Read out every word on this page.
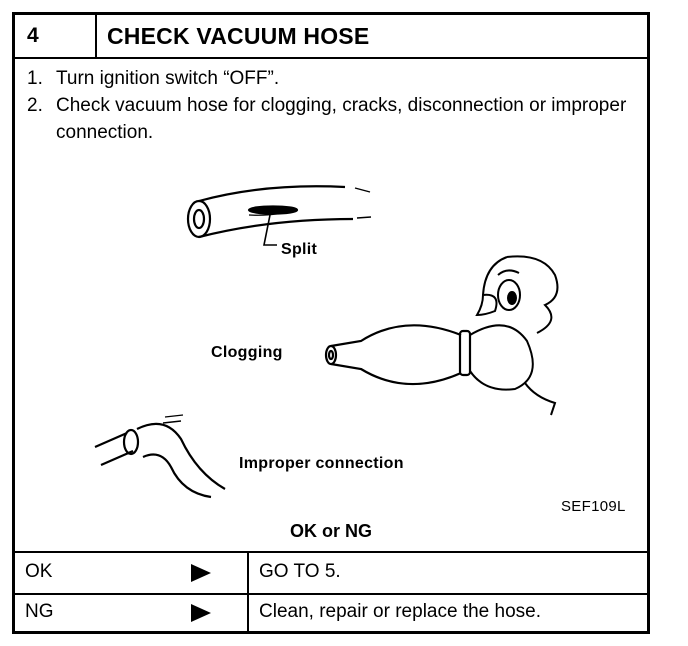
4	CHECK VACUUM HOSE
1. Turn ignition switch “OFF”.
2. Check vacuum hose for clogging, cracks, disconnection or improper connection.
Split
Clogging
Improper connection
SEF109L
OK or NG
OK	GO TO 5.
NG	Clean, repair or replace the hose.
